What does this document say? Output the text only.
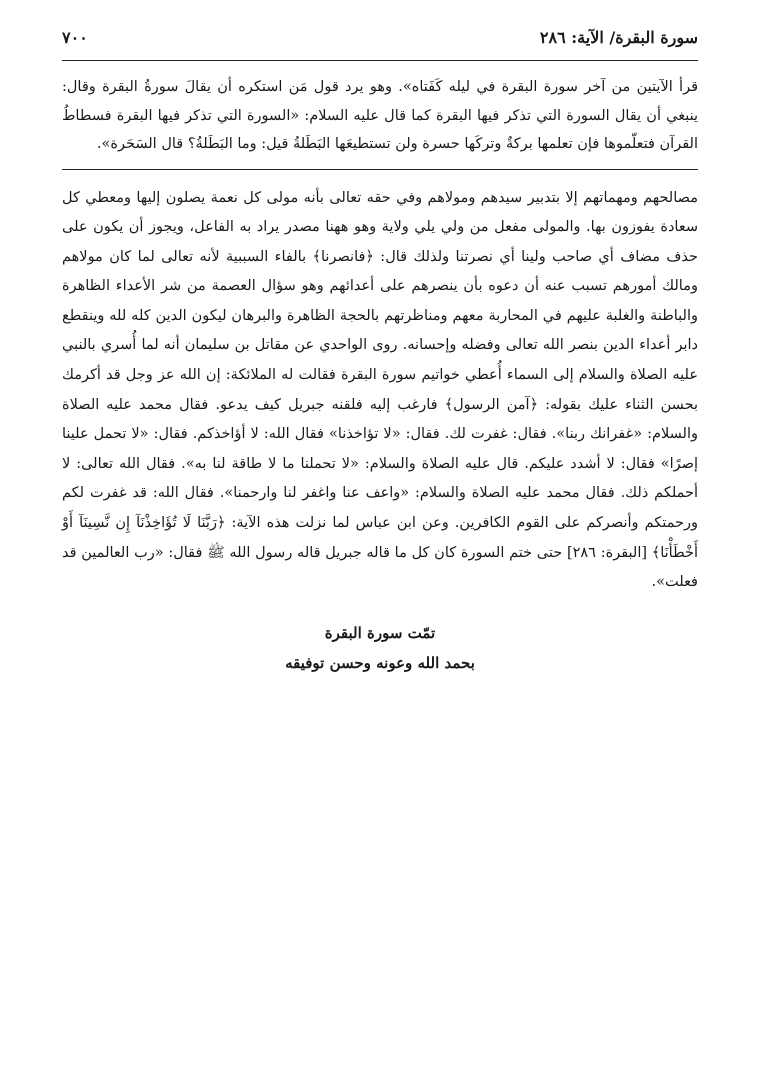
سورة البقرة/ الآية: ٢٨٦
٧٠٠
قرأ الآيتين من آخر سورة البقرة في ليله كَفَتاه». وهو يرد قول مَن استكره أن يقالَ سورةُ البقرة وقال: ينبغي أن يقال السورة التي تذكر فيها البقرة كما قال عليه السلام: «السورة التي تذكر فيها البقرة فسطاطُ القرآن فتعلّموها فإن تعلمها بركةٌ وتركَها حسرة ولن تستطيعَها البَطَلةُ قيل: وما البَطَلةُ؟ قال السَحَرة».
مصالحهم ومهماتهم إلا بتدبير سيدهم ومولاهم وفي حقه تعالى بأنه مولى كل نعمة يصلون إليها ومعطي كل سعادة يفوزون بها. والمولى مفعل من ولي يلي ولاية وهو ههنا مصدر يراد به الفاعل، ويجوز أن يكون على حذف مضاف أي صاحب ولينا أي نصرتنا ولذلك قال: ﴿فانصرنا﴾ بالفاء السببية لأنه تعالى لما كان مولاهم ومالك أمورهم تسبب عنه أن دعوه بأن ينصرهم على أعدائهم وهو سؤال العصمة من شر الأعداء الظاهرة والباطنة والغلبة عليهم في المحاربة معهم ومناظرتهم بالحجة الظاهرة والبرهان ليكون الدين كله لله وينقطع دابر أعداء الدين بنصر الله تعالى وفضله وإحسانه. روى الواحدي عن مقاتل بن سليمان أنه لما أُسري بالنبي عليه الصلاة والسلام إلى السماء أُعطي خواتيم سورة البقرة فقالت له الملائكة: إن الله عز وجل قد أكرمك بحسن الثناء عليك بقوله: ﴿آمن الرسول﴾ فارغب إليه فلقنه جبريل كيف يدعو. فقال محمد عليه الصلاة والسلام: «غفرانك ربنا». فقال: غفرت لك. فقال: «لا تؤاخذنا» فقال الله: لا أؤاخذكم. فقال: «لا تحمل علينا إصرًا» فقال: لا أشدد عليكم. قال عليه الصلاة والسلام: «لا تحملنا ما لا طاقة لنا به». فقال الله تعالى: لا أحملكم ذلك. فقال محمد عليه الصلاة والسلام: «واعف عنا واغفر لنا وارحمنا». فقال الله: قد غفرت لكم ورحمتكم وأنصركم على القوم الكافرين. وعن ابن عباس لما نزلت هذه الآية: ﴿رَبَّنَا لَا تُؤَاخِذْنَآ إِن نَّسِينَآ أَوْ أَخْطَأْنَا﴾ [البقرة: ٢٨٦] حتى ختم السورة كان كل ما قاله جبريل قاله رسول الله ﷺ فقال: «رب العالمين قد فعلت».
تمّت سورة البقرة
بحمد الله وعونه وحسن توفيقه
